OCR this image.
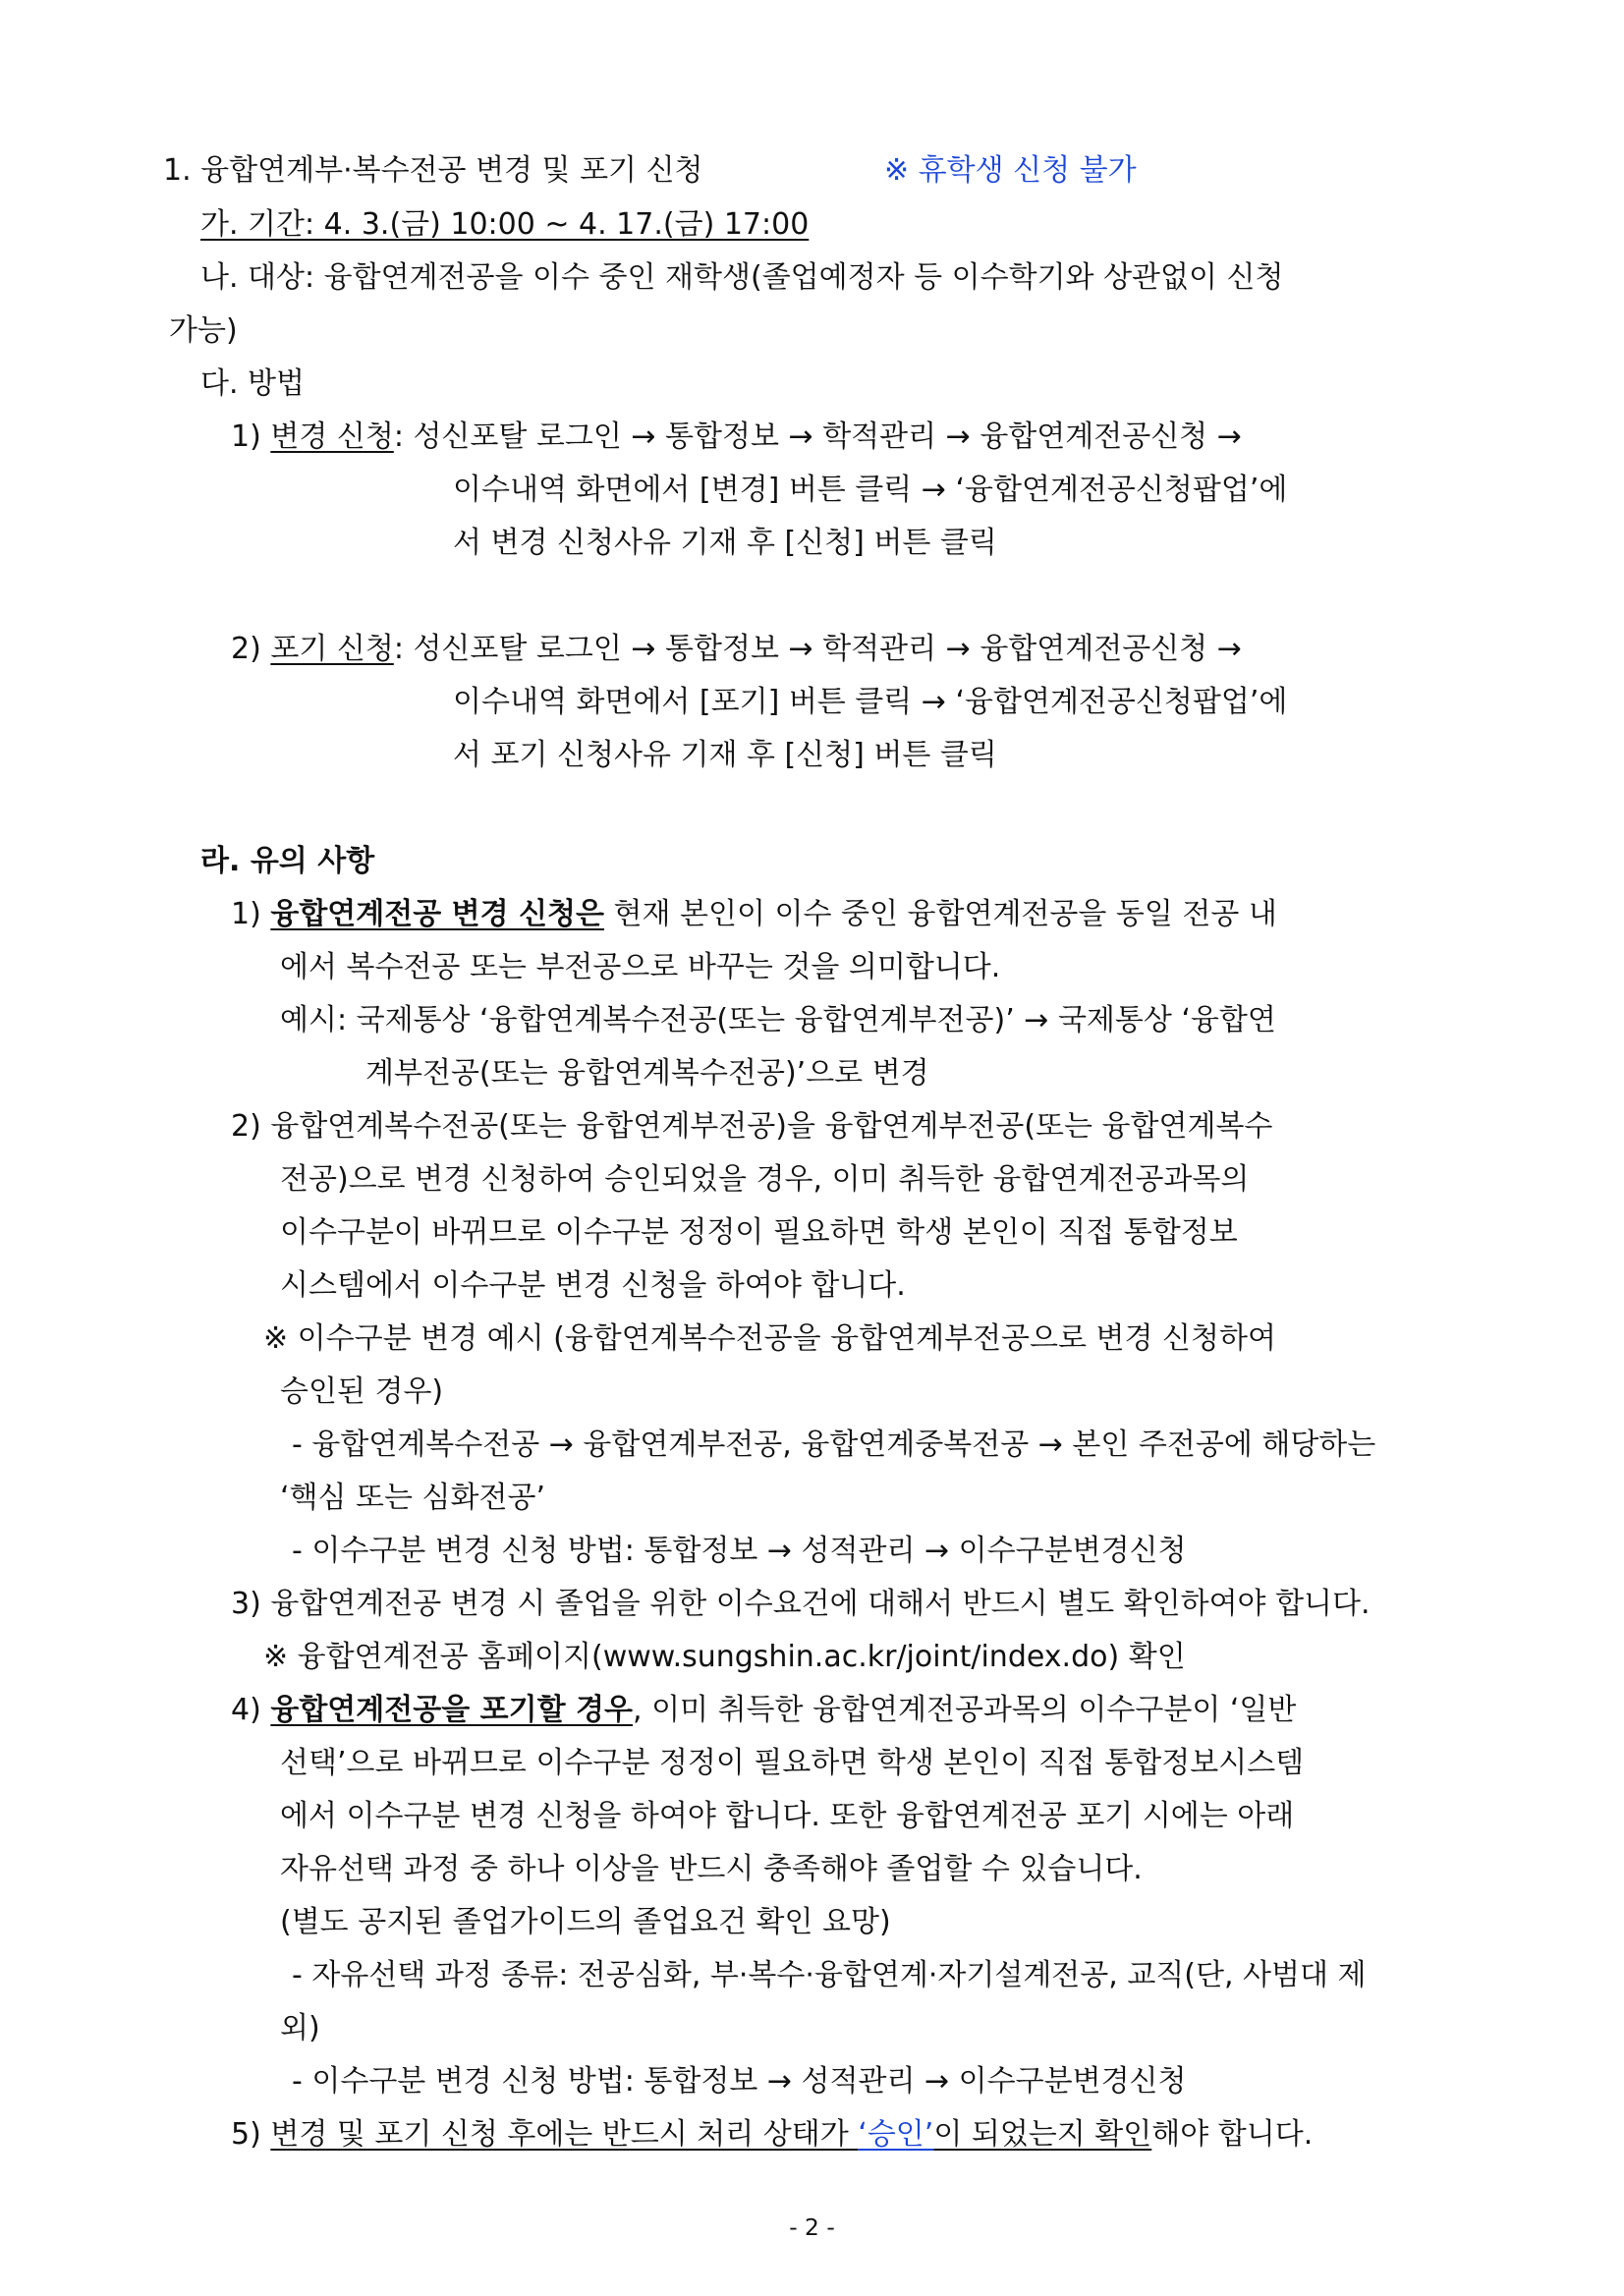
1. 융합연계부·복수전공 변경 및 포기 신청	※ 휴학생 신청 불가
가. 기간: 4. 3.(금) 10:00 ~ 4. 17.(금) 17:00
나. 대상: 융합연계전공을 이수 중인 재학생(졸업예정자 등 이수학기와 상관없이 신청
가능)
다. 방법
1) 변경 신청: 성신포탈 로그인 → 통합정보 → 학적관리 → 융합연계전공신청 →
이수내역 화면에서 [변경] 버튼 클릭 → ‘융합연계전공신청팝업’에
서 변경 신청사유 기재 후 [신청] 버튼 클릭
2) 포기 신청: 성신포탈 로그인 → 통합정보 → 학적관리 → 융합연계전공신청 →
이수내역 화면에서 [포기] 버튼 클릭 → ‘융합연계전공신청팝업’에
서 포기 신청사유 기재 후 [신청] 버튼 클릭
라. 유의 사항
1) 융합연계전공 변경 신청은 현재 본인이 이수 중인 융합연계전공을 동일 전공 내
에서 복수전공 또는 부전공으로 바꾸는 것을 의미합니다.
예시: 국제통상 ‘융합연계복수전공(또는 융합연계부전공)’ → 국제통상 ‘융합연
계부전공(또는 융합연계복수전공)’으로 변경
2) 융합연계복수전공(또는 융합연계부전공)을 융합연계부전공(또는 융합연계복수
전공)으로 변경 신청하여 승인되었을 경우, 이미 취득한 융합연계전공과목의
이수구분이 바뀌므로 이수구분 정정이 필요하면 학생 본인이 직접 통합정보
시스템에서 이수구분 변경 신청을 하여야 합니다.
※ 이수구분 변경 예시 (융합연계복수전공을 융합연계부전공으로 변경 신청하여
승인된 경우)
- 융합연계복수전공 → 융합연계부전공, 융합연계중복전공 → 본인 주전공에 해당하는
‘핵심 또는 심화전공’
- 이수구분 변경 신청 방법: 통합정보 → 성적관리 → 이수구분변경신청
3) 융합연계전공 변경 시 졸업을 위한 이수요건에 대해서 반드시 별도 확인하여야 합니다.
※ 융합연계전공 홈페이지(www.sungshin.ac.kr/joint/index.do) 확인
4) 융합연계전공을 포기할 경우, 이미 취득한 융합연계전공과목의 이수구분이 ‘일반
선택’으로 바뀌므로 이수구분 정정이 필요하면 학생 본인이 직접 통합정보시스템
에서 이수구분 변경 신청을 하여야 합니다. 또한 융합연계전공 포기 시에는 아래
자유선택 과정 중 하나 이상을 반드시 충족해야 졸업할 수 있습니다.
(별도 공지된 졸업가이드의 졸업요건 확인 요망)
- 자유선택 과정 종류: 전공심화, 부·복수·융합연계·자기설계전공, 교직(단, 사범대 제
외)
- 이수구분 변경 신청 방법: 통합정보 → 성적관리 → 이수구분변경신청
5) 변경 및 포기 신청 후에는 반드시 처리 상태가 ‘승인’이 되었는지 확인해야 합니다.
- 2 -
